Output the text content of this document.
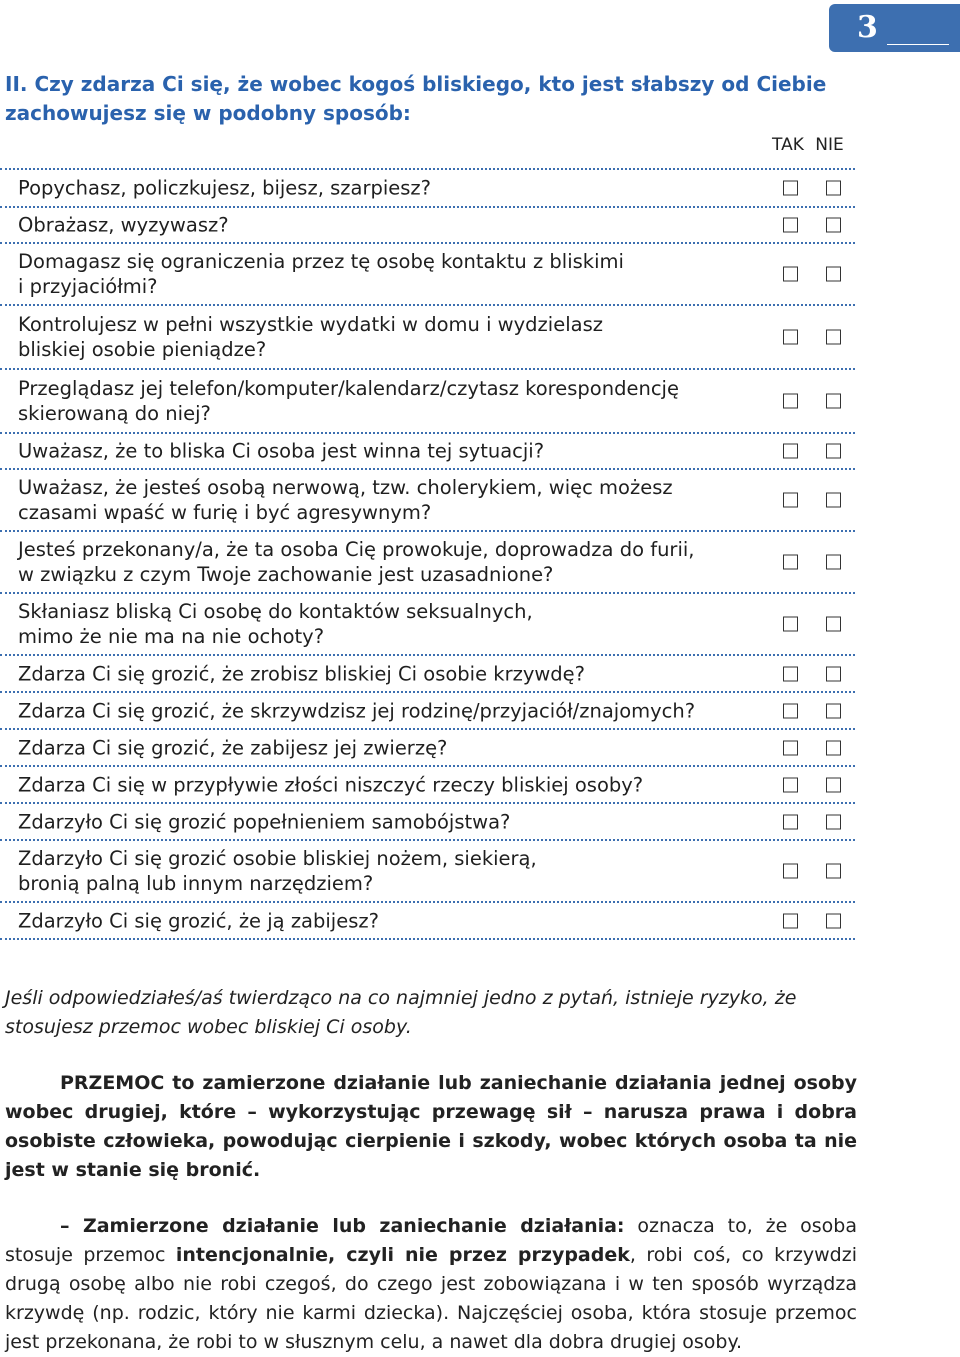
3
II. Czy zdarza Ci się, że wobec kogoś bliskiego, kto jest słabszy od Ciebie zachowujesz się w podobny sposób:
TAK NIE
Popychasz, policzkujesz, bijesz, szarpiesz?
Obrażasz, wyzywasz?
Domagasz się ograniczenia przez tę osobę kontaktu z bliskimi
i przyjaciółmi?
Kontrolujesz w pełni wszystkie wydatki w domu i wydzielasz
bliskiej osobie pieniądze?
Przeglądasz jej telefon/komputer/kalendarz/czytasz korespondencję
skierowaną do niej?
Uważasz, że to bliska Ci osoba jest winna tej sytuacji?
Uważasz, że jesteś osobą nerwową, tzw. cholerykiem, więc możesz
czasami wpaść w furię i być agresywnym?
Jesteś przekonany/a, że ta osoba Cię prowokuje, doprowadza do furii,
w związku z czym Twoje zachowanie jest uzasadnione?
Skłaniasz bliską Ci osobę do kontaktów seksualnych,
mimo że nie ma na nie ochoty?
Zdarza Ci się grozić, że zrobisz bliskiej Ci osobie krzywdę?
Zdarza Ci się grozić, że skrzywdzisz jej rodzinę/przyjaciół/znajomych?
Zdarza Ci się grozić, że zabijesz jej zwierzę?
Zdarza Ci się w przypływie złości niszczyć rzeczy bliskiej osoby?
Zdarzyło Ci się grozić popełnieniem samobójstwa?
Zdarzyło Ci się grozić osobie bliskiej nożem, siekierą,
bronią palną lub innym narzędziem?
Zdarzyło Ci się grozić, że ją zabijesz?
Jeśli odpowiedziałeś/aś twierdząco na co najmniej jedno z pytań, istnieje ryzyko, że stosujesz przemoc wobec bliskiej Ci osoby.
PRZEMOC to zamierzone działanie lub zaniechanie działania jednej osoby wobec drugiej, które – wykorzystując przewagę sił – narusza prawa i dobra osobiste człowieka, powodując cierpienie i szkody, wobec których osoba ta nie jest w stanie się bronić.
– Zamierzone działanie lub zaniechanie działania: oznacza to, że osoba stosuje przemoc intencjonalnie, czyli nie przez przypadek, robi coś, co krzywdzi drugą osobę albo nie robi czegoś, do czego jest zobowiązana i w ten sposób wyrządza krzywdę (np. rodzic, który nie karmi dziecka). Najczęściej osoba, która stosuje przemoc jest przekonana, że robi to w słusznym celu, a nawet dla dobra drugiej osoby.
